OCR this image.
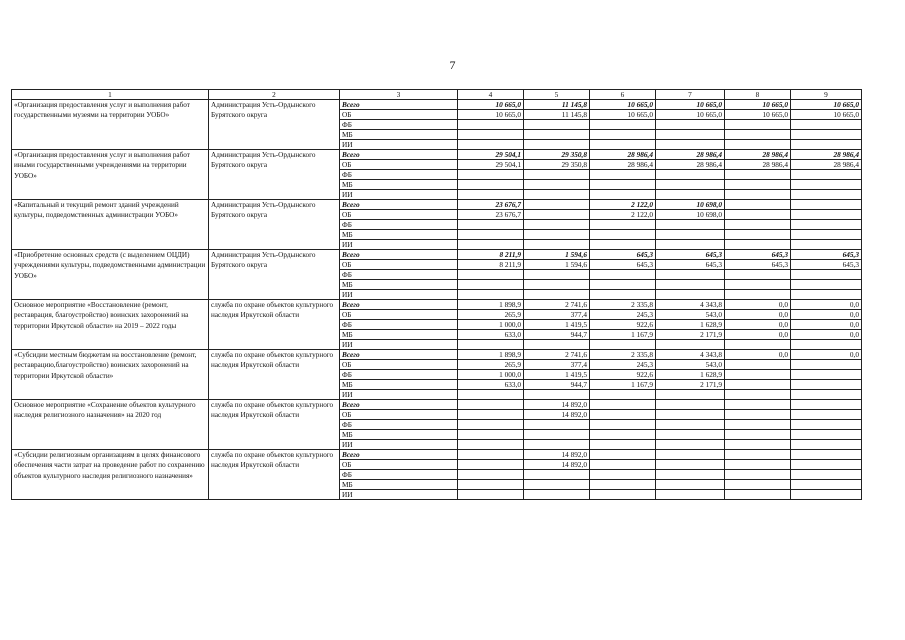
7
1	2	3	4	5	6	7	8	9
«Организация предоставления услуг и выполнения работ государственными музеями на территории УОБО»	Администрация Усть-Ордынского Бурятского округа	Всего	10 665,0	11 145,8	10 665,0	10 665,0	10 665,0	10 665,0
		ОБ	10 665,0	11 145,8	10 665,0	10 665,0	10 665,0	10 665,0
		ФБ						
		МБ						
		ИИ						
«Организация предоставления услуг и выполнения работ иными государственными учреждениями на территории УОБО»	Администрация Усть-Ордынского Бурятского округа	Всего	29 504,1	29 350,8	28 986,4	28 986,4	28 986,4	28 986,4
		ОБ	29 504,1	29 350,8	28 986,4	28 986,4	28 986,4	28 986,4
		ФБ						
		МБ						
		ИИ						
«Капитальный и текущий ремонт зданий учреждений культуры, подведомственных администрации УОБО»	Администрация Усть-Ордынского Бурятского округа	Всего	23 676,7		2 122,0	10 698,0		
		ОБ	23 676,7		2 122,0	10 698,0		
		ФБ						
		МБ						
		ИИ						
«Приобретение основных средств (с выделением ОЦДИ) учреждениями культуры, подведомственными администрации УОБО»	Администрация Усть-Ордынского Бурятского округа	Всего	8 211,9	1 594,6	645,3	645,3	645,3	645,3
		ОБ	8 211,9	1 594,6	645,3	645,3	645,3	645,3
		ФБ						
		МБ						
		ИИ						
Основное мероприятие «Восстановление (ремонт, реставрация, благоустройство) воинских захоронений на территории Иркутской области» на 2019 – 2022 годы	служба по охране объектов культурного наследия Иркутской области	Всего	1 898,9	2 741,6	2 335,8	4 343,8	0,0	0,0
		ОБ	265,9	377,4	245,3	543,0	0,0	0,0
		ФБ	1 000,0	1 419,5	922,6	1 628,9	0,0	0,0
		МБ	633,0	944,7	1 167,9	2 171,9	0,0	0,0
		ИИ						
«Субсидии местным бюджетам на восстановление (ремонт, реставрацию,благоустройство) воинских захоронений на территории Иркутской области»	служба по охране объектов культурного наследия Иркутской области	Всего	1 898,9	2 741,6	2 335,8	4 343,8	0,0	0,0
		ОБ	265,9	377,4	245,3	543,0		
		ФБ	1 000,0	1 419,5	922,6	1 628,9		
		МБ	633,0	944,7	1 167,9	2 171,9		
		ИИ						
Основное мероприятие «Сохранение объектов культурного наследия религиозного назначения» на 2020 год	служба по охране объектов культурного наследия Иркутской области	Всего		14 892,0				
		ОБ		14 892,0				
		ФБ						
		МБ						
		ИИ						
«Субсидии религиозным организациям в целях финансового обеспечения части затрат на проведение работ по сохранению объектов культурного наследия религиозного назначения»	служба по охране объектов культурного наследия Иркутской области	Всего		14 892,0				
		ОБ		14 892,0				
		ФБ						
		МБ						
		ИИ						
